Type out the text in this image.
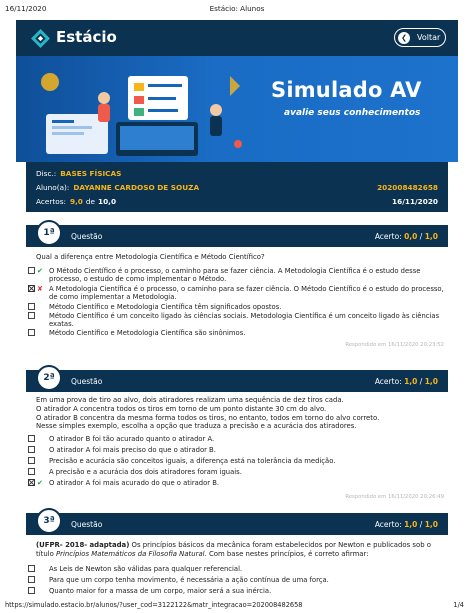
16/11/2020	Estácio: Alunos
Estácio	❮	Voltar
Simulado AV
avalie seus conhecimentos
Disc.: BASES FÍSICAS
Aluno(a): DAYANNE CARDOSO DE SOUZA	202008482658
Acertos: 9,0 de 10,0	16/11/2020
1ª	Questão	Acerto: 0,0 / 1,0
Qual a diferença entre Metodologia Científica e Método Científico?
✔ O Método Científico é o processo, o caminho para se fazer ciência. A Metodologia Científica é o estudo desse processo, o estudo de como implementar o Método.
✘ A Metodologia Científica é o processo, o caminho para se fazer ciência. O Método Científico é o estudo do processo, de como implementar a Metodologia.
Método Científico e Metodologia Científica têm significados opostos.
Método Científico é um conceito ligado às ciências sociais. Metodologia Científica é um conceito ligado às ciências exatas.
Método Científico e Metodologia Científica são sinônimos.
Respondido em 16/11/2020 20:23:52
2ª	Questão	Acerto: 1,0 / 1,0
Em uma prova de tiro ao alvo, dois atiradores realizam uma sequência de dez tiros cada.
O atirador A concentra todos os tiros em torno de um ponto distante 30 cm do alvo.
O atirador B concentra da mesma forma todos os tiros, no entanto, todos em torno do alvo correto.
Nesse simples exemplo, escolha a opção que traduza a precisão e a acurácia dos atiradores.
O atirador B foi tão acurado quanto o atirador A.
O atirador A foi mais preciso do que o atirador B.
Precisão e acurácia são conceitos iguais, a diferença está na tolerância da medição.
A precisão e a acurácia dos dois atiradores foram iguais.
✔ O atirador A foi mais acurado do que o atirador B.
Respondido em 16/11/2020 20:26:49
3ª	Questão	Acerto: 1,0 / 1,0
(UFPR- 2018- adaptada) Os princípios básicos da mecânica foram estabelecidos por Newton e publicados sob o
título Princípios Matemáticos da Filosofia Natural. Com base nestes princípios, é correto afirmar:
As Leis de Newton são válidas para qualquer referencial.
Para que um corpo tenha movimento, é necessária a ação contínua de uma força.
Quanto maior for a massa de um corpo, maior será a sua inércia.
https://simulado.estacio.br/alunos/?user_cod=3122122&matr_integracao=202008482658	1/4
